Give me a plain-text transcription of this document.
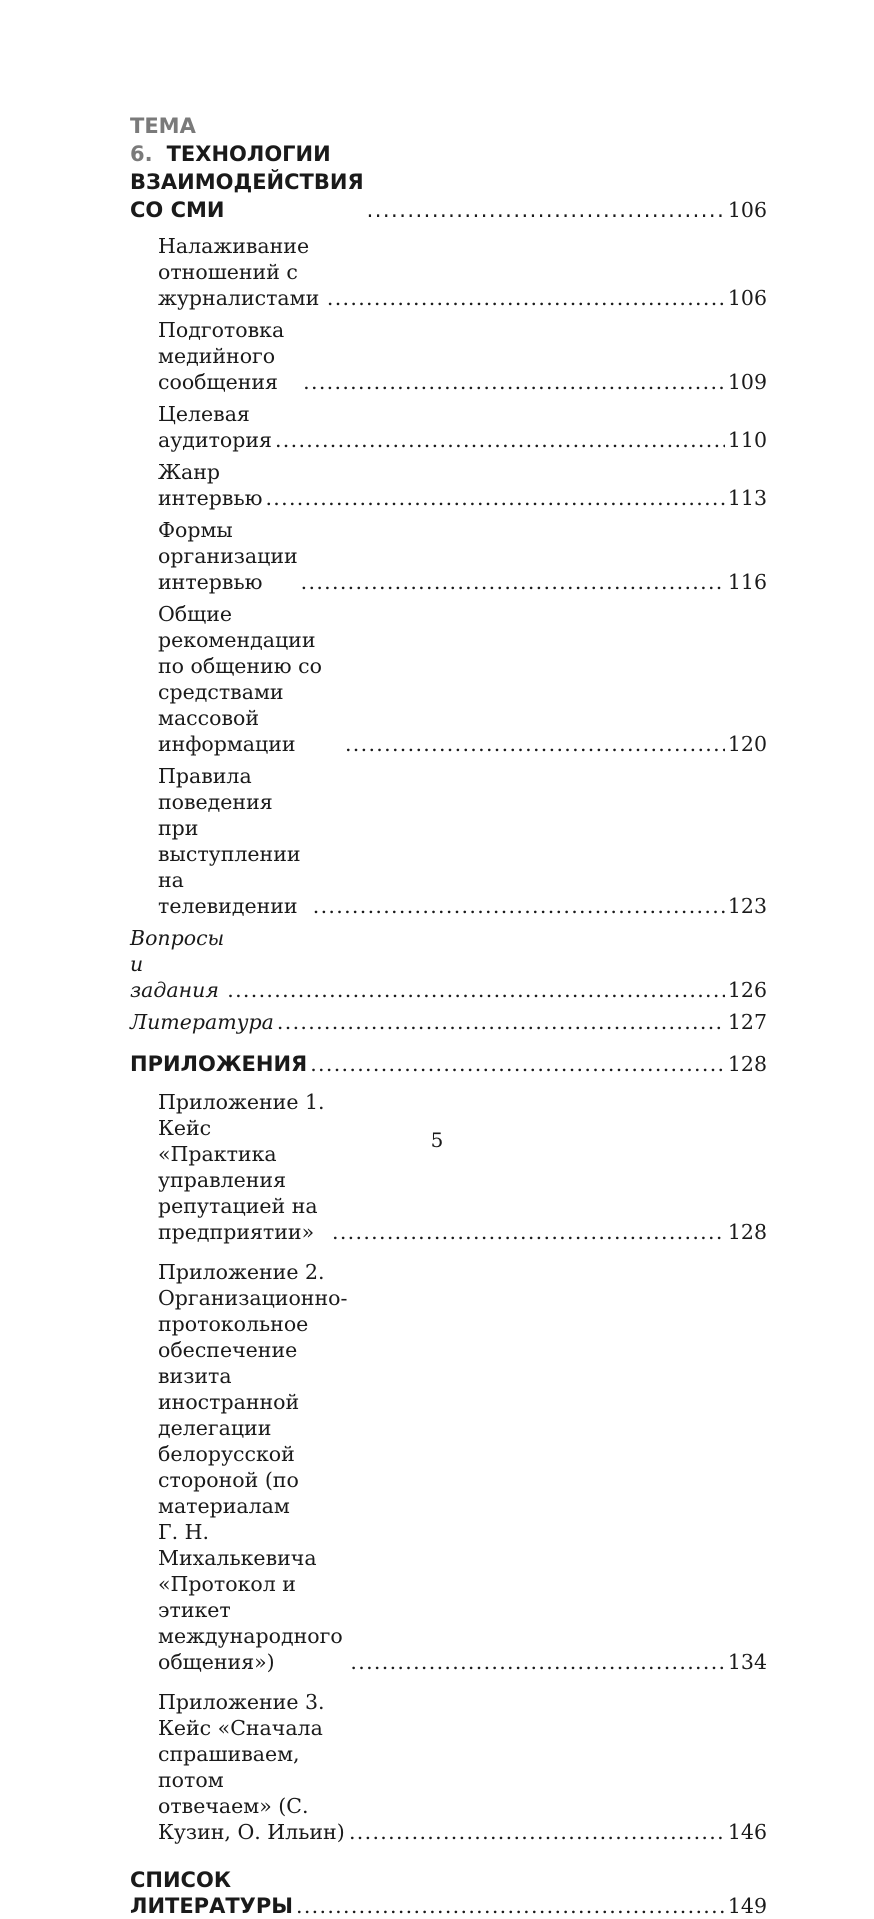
ТЕМА 6. ТЕХНОЛОГИИ ВЗАИМОДЕЙСТВИЯ СО СМИ . . .	106
Налаживание отношений с журналистами . . .	106
Подготовка медийного сообщения . . .	109
Целевая аудитория . . .	110
Жанр интервью . . .	113
Формы организации интервью . . .	116
Общие рекомендации по общению со средствами
массовой информации . . .	120
Правила поведения при выступлении
на телевидении . . .	123
Вопросы и задания . . .	126
Литература . . .	127
ПРИЛОЖЕНИЯ . . .	128
Приложение 1. Кейс «Практика управления
репутацией на предприятии» . . .	128
Приложение 2. Организационно-протокольное
обеспечение визита иностранной делегации
белорусской стороной (по материалам
Г. Н. Михалькевича «Протокол и этикет
международного общения») . . .	134
Приложение 3. Кейс «Сначала спрашиваем, потом
отвечаем» (С. Кузин, О. Ильин) . . .	146
СПИСОК ЛИТЕРАТУРЫ . . .	149
5
